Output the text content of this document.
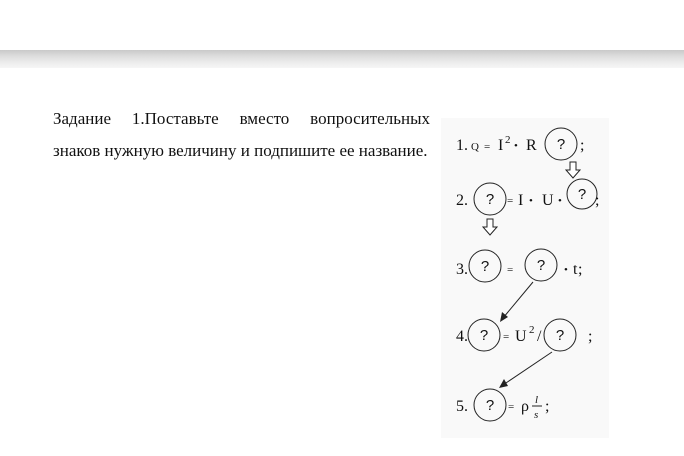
Задание 1.Поставьте вместо вопросительных знаков нужную величину и подпишите ее название. 1. Q = I 2 • R ? ;
2. ? = I • U • ? ;
3. ? = ? • t ;
4. ? = U 2 / ? ;
5. ? = ρ l
s ;
